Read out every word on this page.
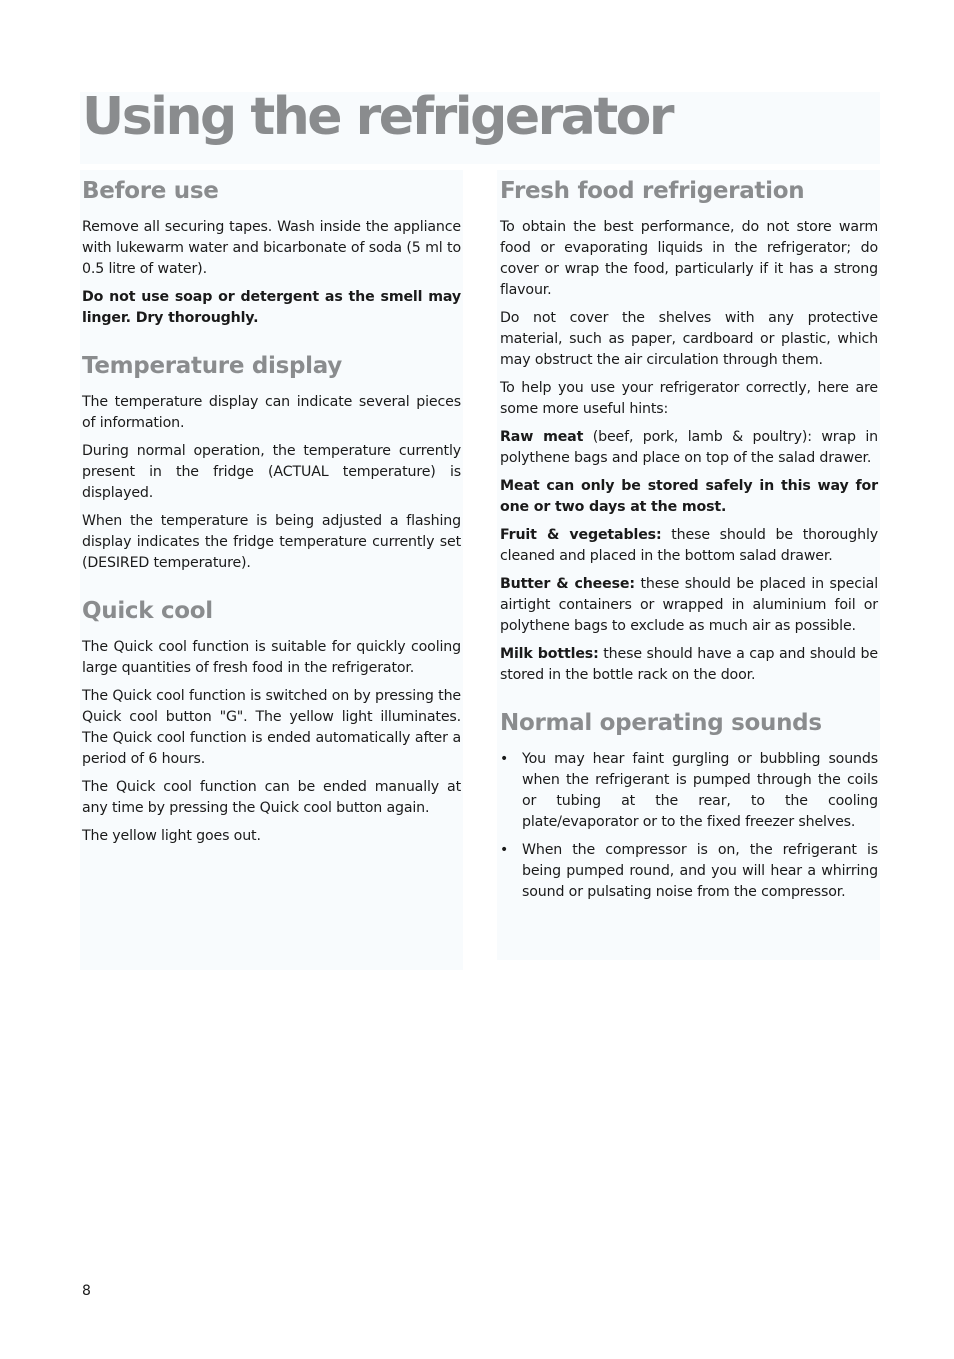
Using the refrigerator
Before use

Remove all securing tapes. Wash inside the appliance with lukewarm water and bicarbonate of soda (5 ml to 0.5 litre of water).

Do not use soap or detergent as the smell may linger. Dry thoroughly.

Temperature display

The temperature display can indicate several pieces of information.

During normal operation, the temperature currently present in the fridge (ACTUAL temperature) is displayed.

When the temperature is being adjusted a flashing display indicates the fridge temperature currently set (DESIRED temperature).

Quick cool

The Quick cool function is suitable for quickly cooling large quantities of fresh food in the refrigerator.

The Quick cool function is switched on by pressing the Quick cool button "G". The yellow light illuminates. The Quick cool function is ended automatically after a period of 6 hours.

The Quick cool function can be ended manually at any time by pressing the Quick cool button again.

The yellow light goes out.

Fresh food refrigeration

To obtain the best performance, do not store warm food or evaporating liquids in the refrigerator; do cover or wrap the food, particularly if it has a strong flavour.

Do not cover the shelves with any protective material, such as paper, cardboard or plastic, which may obstruct the air circulation through them.

To help you use your refrigerator correctly, here are some more useful hints:

Raw meat (beef, pork, lamb & poultry): wrap in polythene bags and place on top of the salad drawer.

Meat can only be stored safely in this way for one or two days at the most.

Fruit & vegetables: these should be thoroughly cleaned and placed in the bottom salad drawer.

Butter & cheese: these should be placed in special airtight containers or wrapped in aluminium foil or polythene bags to exclude as much air as possible.

Milk bottles: these should have a cap and should be stored in the bottle rack on the door.

Normal operating sounds
• You may hear faint gurgling or bubbling sounds when the refrigerant is pumped through the coils or tubing at the rear, to the cooling plate/evaporator or to the fixed freezer shelves.

• When the compressor is on, the refrigerant is being pumped round, and you will hear a whirring sound or pulsating noise from the compressor.

8
